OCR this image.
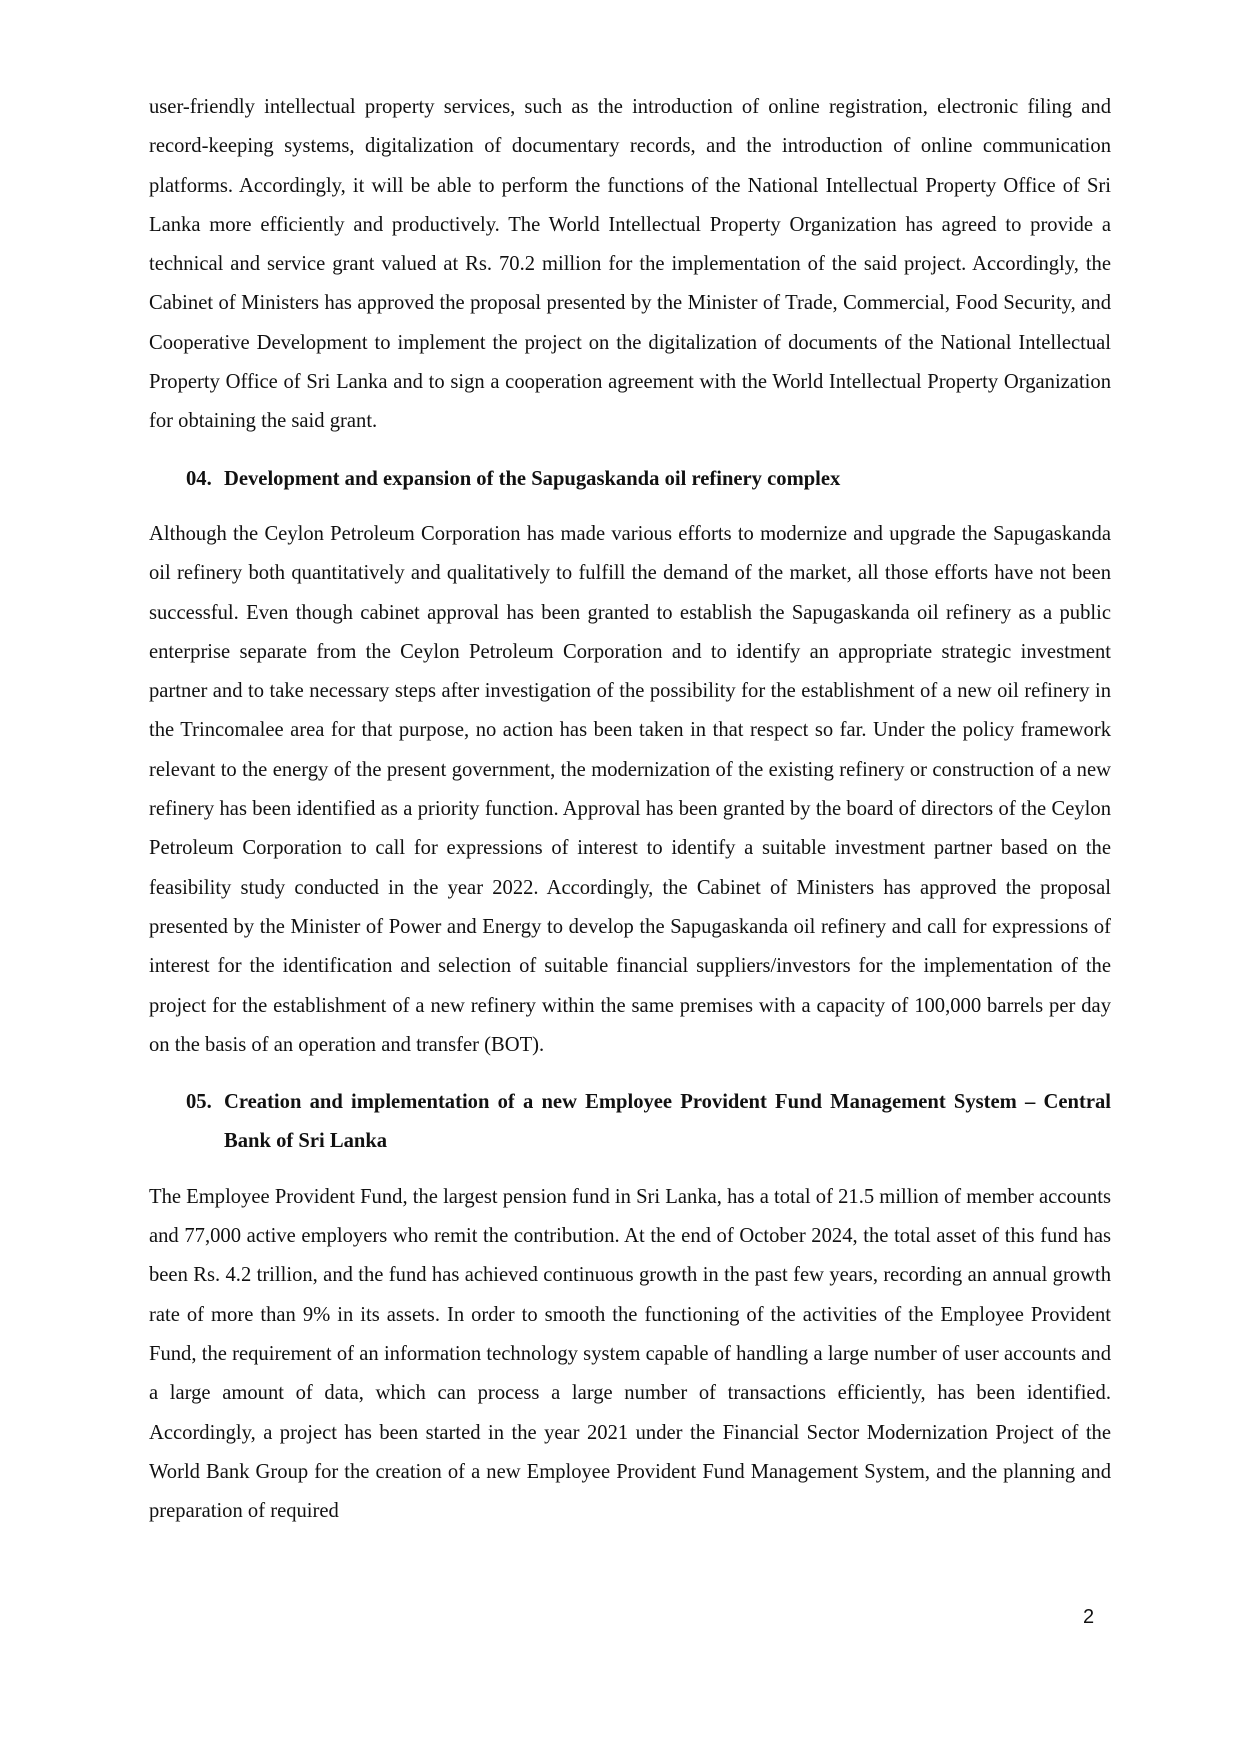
user-friendly intellectual property services, such as the introduction of online registration, electronic filing and record-keeping systems, digitalization of documentary records, and the introduction of online communication platforms. Accordingly, it will be able to perform the functions of the National Intellectual Property Office of Sri Lanka more efficiently and productively. The World Intellectual Property Organization has agreed to provide a technical and service grant valued at Rs. 70.2 million for the implementation of the said project. Accordingly, the Cabinet of Ministers has approved the proposal presented by the Minister of Trade, Commercial, Food Security, and Cooperative Development to implement the project on the digitalization of documents of the National Intellectual Property Office of Sri Lanka and to sign a cooperation agreement with the World Intellectual Property Organization for obtaining the said grant.

04. Development and expansion of the Sapugaskanda oil refinery complex

Although the Ceylon Petroleum Corporation has made various efforts to modernize and upgrade the Sapugaskanda oil refinery both quantitatively and qualitatively to fulfill the demand of the market, all those efforts have not been successful. Even though cabinet approval has been granted to establish the Sapugaskanda oil refinery as a public enterprise separate from the Ceylon Petroleum Corporation and to identify an appropriate strategic investment partner and to take necessary steps after investigation of the possibility for the establishment of a new oil refinery in the Trincomalee area for that purpose, no action has been taken in that respect so far. Under the policy framework relevant to the energy of the present government, the modernization of the existing refinery or construction of a new refinery has been identified as a priority function. Approval has been granted by the board of directors of the Ceylon Petroleum Corporation to call for expressions of interest to identify a suitable investment partner based on the feasibility study conducted in the year 2022. Accordingly, the Cabinet of Ministers has approved the proposal presented by the Minister of Power and Energy to develop the Sapugaskanda oil refinery and call for expressions of interest for the identification and selection of suitable financial suppliers/investors for the implementation of the project for the establishment of a new refinery within the same premises with a capacity of 100,000 barrels per day on the basis of an operation and transfer (BOT).

05. Creation and implementation of a new Employee Provident Fund Management System – Central Bank of Sri Lanka

The Employee Provident Fund, the largest pension fund in Sri Lanka, has a total of 21.5 million of member accounts and 77,000 active employers who remit the contribution. At the end of October 2024, the total asset of this fund has been Rs. 4.2 trillion, and the fund has achieved continuous growth in the past few years, recording an annual growth rate of more than 9% in its assets. In order to smooth the functioning of the activities of the Employee Provident Fund, the requirement of an information technology system capable of handling a large number of user accounts and a large amount of data, which can process a large number of transactions efficiently, has been identified. Accordingly, a project has been started in the year 2021 under the Financial Sector Modernization Project of the World Bank Group for the creation of a new Employee Provident Fund Management System, and the planning and preparation of required

2
